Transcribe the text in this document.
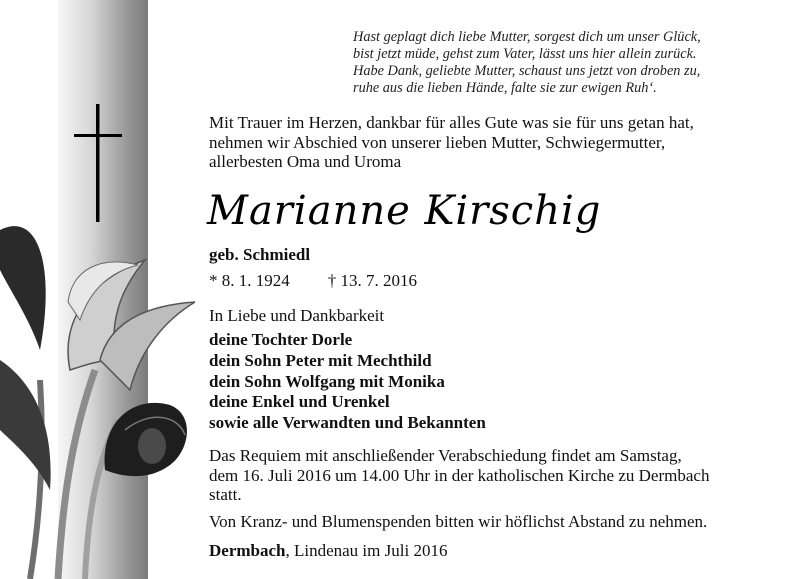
Hast geplagt dich liebe Mutter, sorgest dich um unser Glück,
bist jetzt müde, gehst zum Vater, lässt uns hier allein zurück.
Habe Dank, geliebte Mutter, schaust uns jetzt von droben zu,
ruhe aus die lieben Hände, falte sie zur ewigen Ruh‘.
Mit Trauer im Herzen, dankbar für alles Gute was sie für uns getan hat,
nehmen wir Abschied von unserer lieben Mutter, Schwiegermutter,
allerbesten Oma und Uroma
Marianne Kirschig
geb. Schmiedl
* 8. 1. 1924 † 13. 7. 2016
In Liebe und Dankbarkeit
deine Tochter Dorle
dein Sohn Peter mit Mechthild
dein Sohn Wolfgang mit Monika
deine Enkel und Urenkel
sowie alle Verwandten und Bekannten
Das Requiem mit anschließender Verabschiedung findet am Samstag,
dem 16. Juli 2016 um 14.00 Uhr in der katholischen Kirche zu Dermbach
statt.
Von Kranz- und Blumenspenden bitten wir höflichst Abstand zu nehmen.
Dermbach, Lindenau im Juli 2016
